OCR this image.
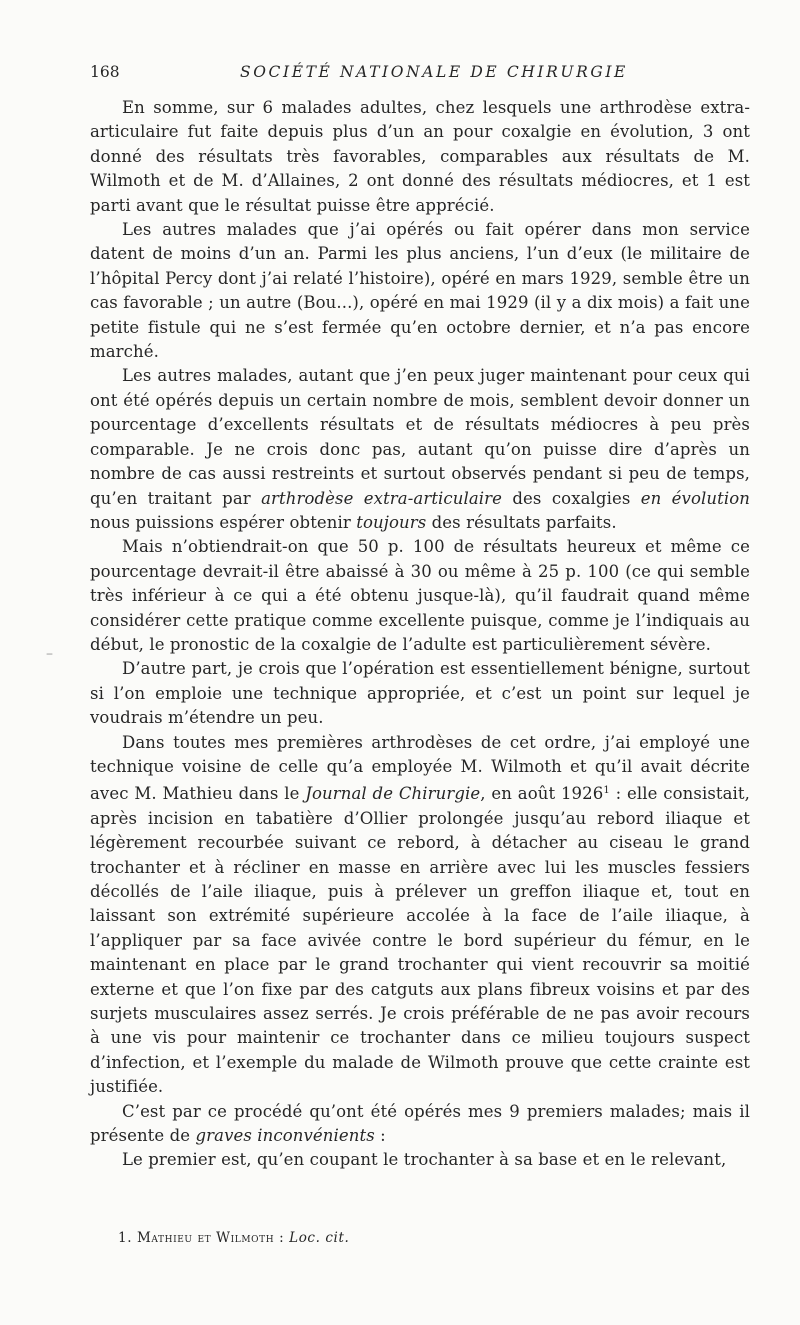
168	SOCIÉTÉ NATIONALE DE CHIRURGIE
–

En somme, sur 6 malades adultes, chez lesquels une arthrodèse extra-articulaire fut faite depuis plus d’un an pour coxalgie en évolution, 3 ont donné des résultats très favorables, comparables aux résultats de M. Wilmoth et de M. d’Allaines, 2 ont donné des résultats médiocres, et 1 est parti avant que le résultat puisse être apprécié.

Les autres malades que j’ai opérés ou fait opérer dans mon service datent de moins d’un an. Parmi les plus anciens, l’un d’eux (le militaire de l’hôpital Percy dont j’ai relaté l’histoire), opéré en mars 1929, semble être un cas favorable ; un autre (Bou...), opéré en mai 1929 (il y a dix mois) a fait une petite fistule qui ne s’est fermée qu’en octobre dernier, et n’a pas encore marché.

Les autres malades, autant que j’en peux juger maintenant pour ceux qui ont été opérés depuis un certain nombre de mois, semblent devoir donner un pourcentage d’excellents résultats et de résultats médiocres à peu près comparable. Je ne crois donc pas, autant qu’on puisse dire d’après un nombre de cas aussi restreints et surtout observés pendant si peu de temps, qu’en traitant par arthrodèse extra-articulaire des coxalgies en évolution nous puissions espérer obtenir toujours des résultats parfaits.

Mais n’obtiendrait-on que 50 p. 100 de résultats heureux et même ce pourcentage devrait-il être abaissé à 30 ou même à 25 p. 100 (ce qui semble très inférieur à ce qui a été obtenu jusque-là), qu’il faudrait quand même considérer cette pratique comme excellente puisque, comme je l’indiquais au début, le pronostic de la coxalgie de l’adulte est particulièrement sévère.

D’autre part, je crois que l’opération est essentiellement bénigne, surtout si l’on emploie une technique appropriée, et c’est un point sur lequel je voudrais m’étendre un peu.

Dans toutes mes premières arthrodèses de cet ordre, j’ai employé une technique voisine de celle qu’a employée M. Wilmoth et qu’il avait décrite avec M. Mathieu dans le Journal de Chirurgie, en août 1926$^1$ : elle consistait, après incision en tabatière d’Ollier prolongée jusqu’au rebord iliaque et légèrement recourbée suivant ce rebord, à détacher au ciseau le grand trochanter et à récliner en masse en arrière avec lui les muscles fessiers décollés de l’aile iliaque, puis à prélever un greffon iliaque et, tout en laissant son extrémité supérieure accolée à la face de l’aile iliaque, à l’appliquer par sa face avivée contre le bord supérieur du fémur, en le maintenant en place par le grand trochanter qui vient recouvrir sa moitié externe et que l’on fixe par des catguts aux plans fibreux voisins et par des surjets musculaires assez serrés. Je crois préférable de ne pas avoir recours à une vis pour maintenir ce trochanter dans ce milieu toujours suspect d’infection, et l’exemple du malade de Wilmoth prouve que cette crainte est justifiée.

C’est par ce procédé qu’ont été opérés mes 9 premiers malades; mais il présente de graves inconvénients :

Le premier est, qu’en coupant le trochanter à sa base et en le relevant,

1. Mathieu et Wilmoth : Loc. cit.
